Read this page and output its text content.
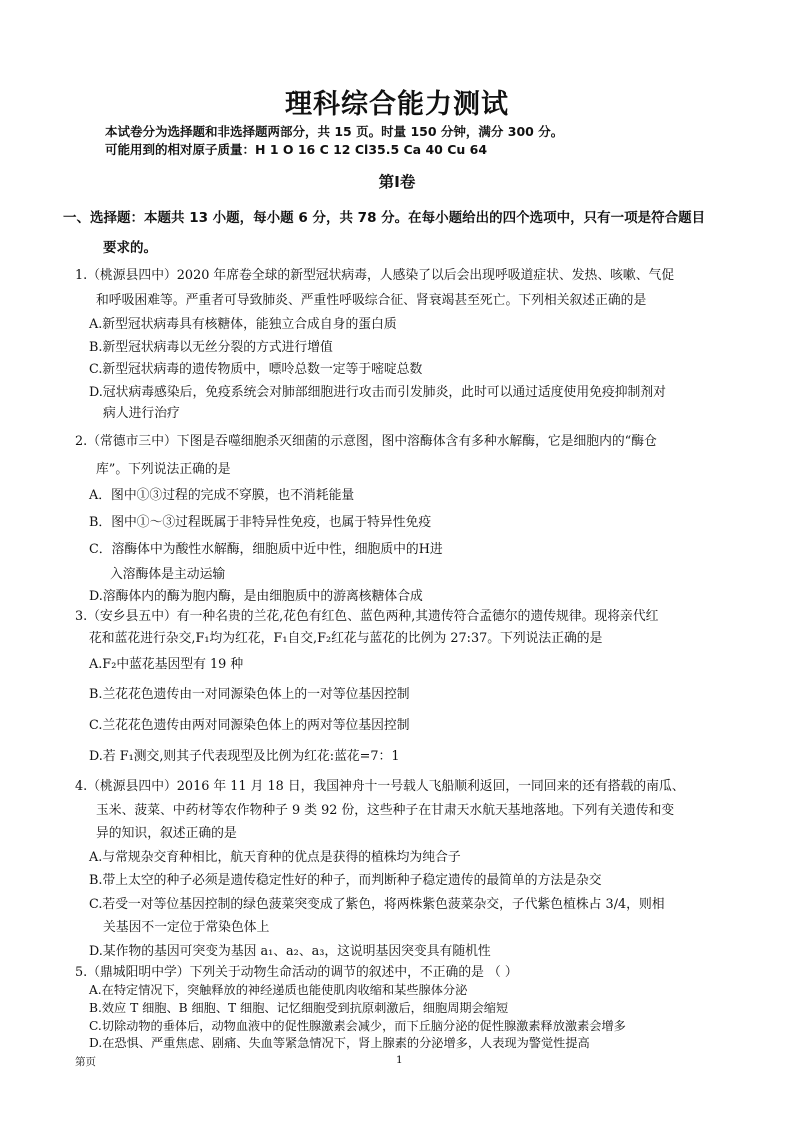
理科综合能力测试
本试卷分为选择题和非选择题两部分，共 15 页。时量 150 分钟，满分 300 分。
可能用到的相对原子质量：H 1 O 16 C 12 Cl35.5 Ca 40 Cu 64
第Ⅰ卷
一、选择题：本题共 13 小题，每小题 6 分，共 78 分。在每小题给出的四个选项中，只有一项是符合题目
要求的。
1.（桃源县四中）2020 年席卷全球的新型冠状病毒，人感染了以后会出现呼吸道症状、发热、咳嗽、气促
和呼吸困难等。严重者可导致肺炎、严重性呼吸综合征、肾衰竭甚至死亡。下列相关叙述正确的是
A.新型冠状病毒具有核糖体，能独立合成自身的蛋白质
B.新型冠状病毒以无丝分裂的方式进行增值
C.新型冠状病毒的遗传物质中，嘌呤总数一定等于嘧啶总数
D.冠状病毒感染后，免疫系统会对肺部细胞进行攻击而引发肺炎，此时可以通过适度使用免疫抑制剂对
病人进行治疗
2.（常德市三中）下图是吞噬细胞杀灭细菌的示意图，图中溶酶体含有多种水解酶，它是细胞内的“酶仓
库”。下列说法正确的是
A．图中①③过程的完成不穿膜，也不消耗能量
B．图中①～③过程既属于非特异性免疫，也属于特异性免疫
C．溶酶体中为酸性水解酶，细胞质中近中性，细胞质中的H进
入溶酶体是主动运输
D.溶酶体内的酶为胞内酶，是由细胞质中的游离核糖体合成
3.（安乡县五中）有一种名贵的兰花,花色有红色、蓝色两种,其遗传符合孟德尔的遗传规律。现将亲代红
花和蓝花进行杂交,F₁均为红花，F₁自交,F₂红花与蓝花的比例为 27:37。下列说法正确的是
A.F₂中蓝花基因型有 19 种
B.兰花花色遗传由一对同源染色体上的一对等位基因控制
C.兰花花色遗传由两对同源染色体上的两对等位基因控制
D.若 F₁测交,则其子代表现型及比例为红花:蓝花=7：1
4.（桃源县四中）2016 年 11 月 18 日，我国神舟十一号载人飞船顺利返回，一同回来的还有搭载的南瓜、
玉米、菠菜、中药材等农作物种子 9 类 92 份，这些种子在甘肃天水航天基地落地。下列有关遗传和变
异的知识，叙述正确的是
A.与常规杂交育种相比，航天育种的优点是获得的植株均为纯合子
B.带上太空的种子必须是遗传稳定性好的种子，而判断种子稳定遗传的最简单的方法是杂交
C.若受一对等位基因控制的绿色菠菜突变成了紫色，将两株紫色菠菜杂交，子代紫色植株占 3/4，则相
关基因不一定位于常染色体上
D.某作物的基因可突变为基因 a₁、a₂、a₃，这说明基因突变具有随机性
5.（鼎城阳明中学）下列关于动物生命活动的调节的叙述中，不正确的是 （ ）
A.在特定情况下，突触释放的神经递质也能使肌肉收缩和某些腺体分泌
B.效应 T 细胞、B 细胞、T 细胞、记忆细胞受到抗原刺激后，细胞周期会缩短
C.切除动物的垂体后，动物血液中的促性腺激素会减少，而下丘脑分泌的促性腺激素释放激素会增多
D.在恐惧、严重焦虑、剧痛、失血等紧急情况下，肾上腺素的分泌增多，人表现为警觉性提高
第页	1
